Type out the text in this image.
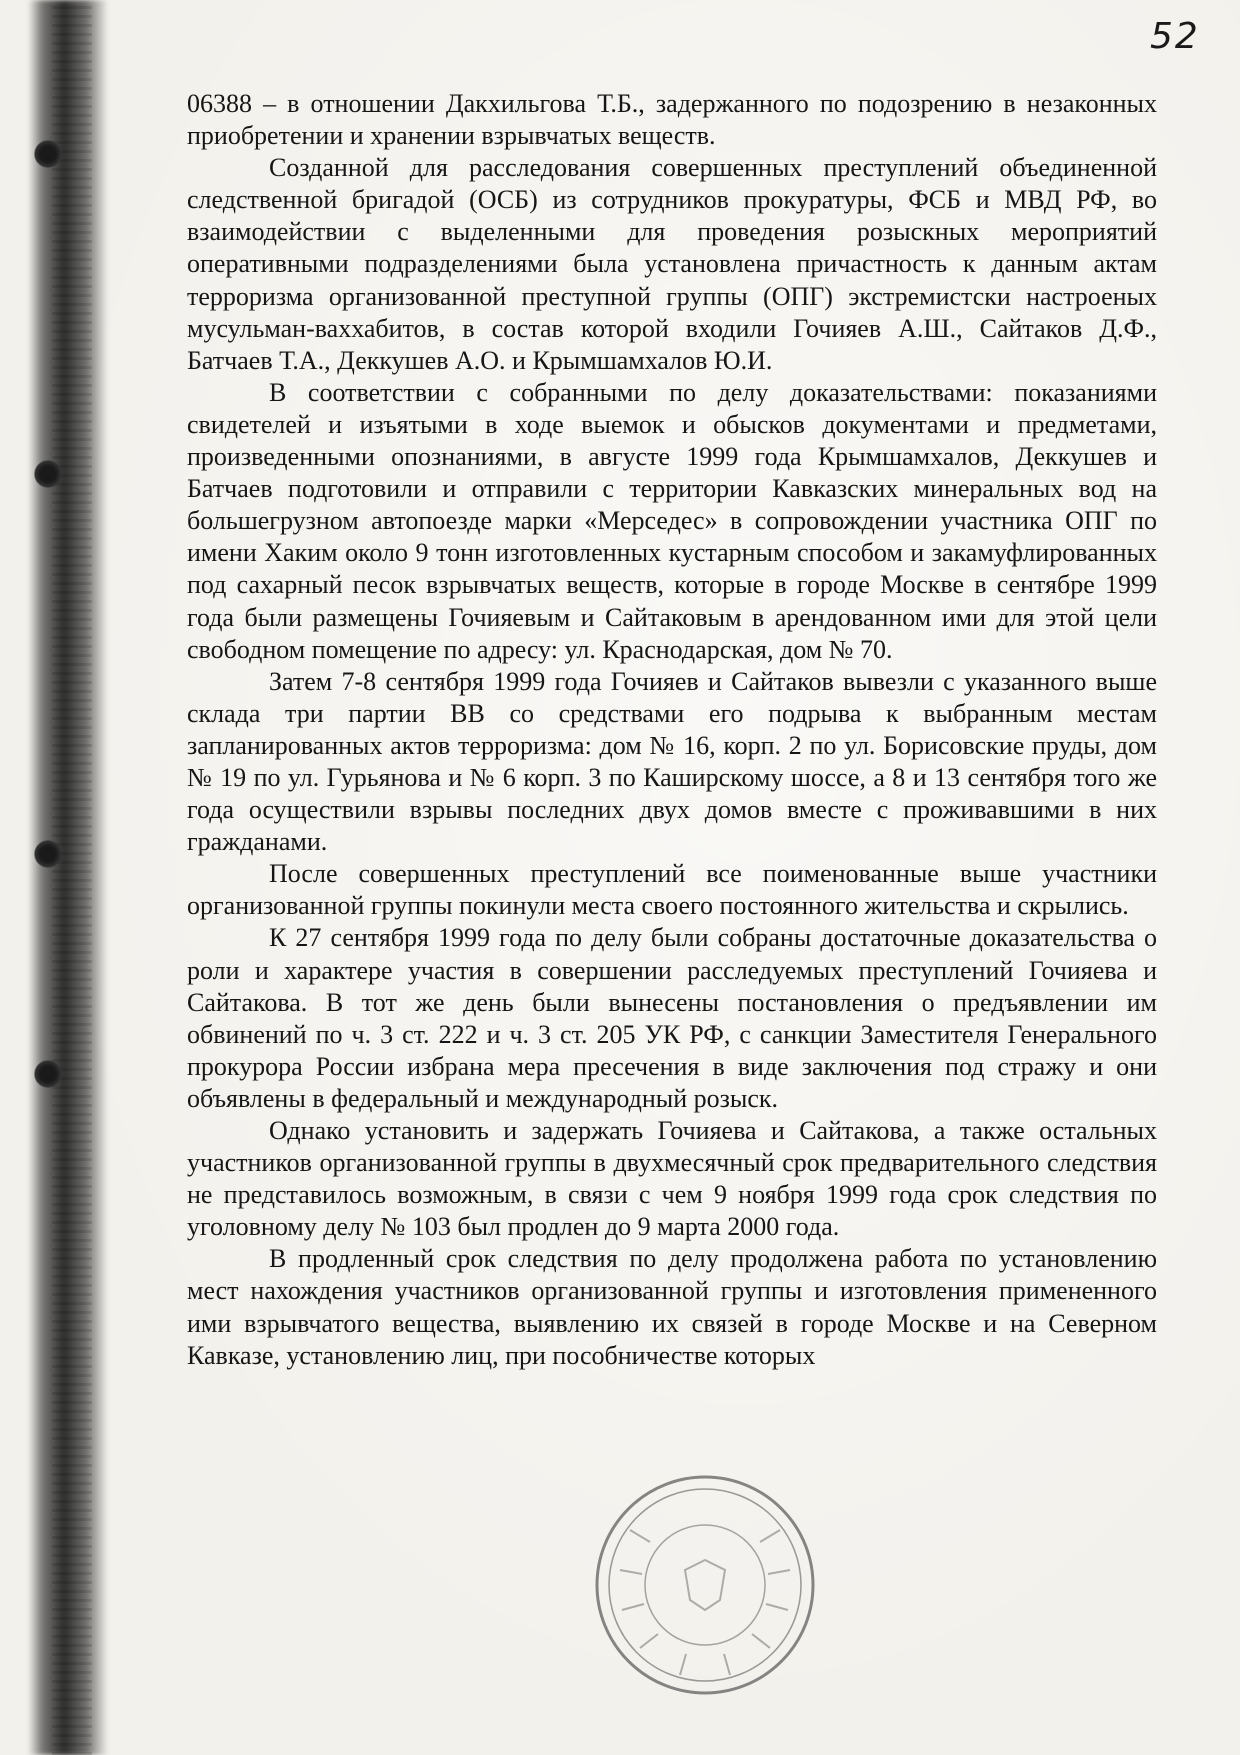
52

06388 – в отношении Дакхильгова Т.Б., задержанного по подозрению в незаконных приобретении и хранении взрывчатых веществ.

Созданной для расследования совершенных преступлений объединенной следственной бригадой (ОСБ) из сотрудников прокуратуры, ФСБ и МВД РФ, во взаимодействии с выделенными для проведения розыскных мероприятий оперативными подразделениями была установлена причастность к данным актам терроризма организованной преступной группы (ОПГ) экстремистски настроеных мусульман-ваххабитов, в состав которой входили Гочияев А.Ш., Сайтаков Д.Ф., Батчаев Т.А., Деккушев А.О. и Крымшамхалов Ю.И.

В соответствии с собранными по делу доказательствами: показаниями свидетелей и изъятыми в ходе выемок и обысков документами и предметами, произведенными опознаниями, в августе 1999 года Крымшамхалов, Деккушев и Батчаев подготовили и отправили с территории Кавказских минеральных вод на большегрузном автопоезде марки «Мерседес» в сопровождении участника ОПГ по имени Хаким около 9 тонн изготовленных кустарным способом и закамуфлированных под сахарный песок взрывчатых веществ, которые в городе Москве в сентябре 1999 года были размещены Гочияевым и Сайтаковым в арендованном ими для этой цели свободном помещение по адресу: ул. Краснодарская, дом № 70.

Затем 7-8 сентября 1999 года Гочияев и Сайтаков вывезли с указанного выше склада три партии ВВ со средствами его подрыва к выбранным местам запланированных актов терроризма: дом № 16, корп. 2 по ул. Борисовские пруды, дом № 19 по ул. Гурьянова и № 6 корп. 3 по Каширскому шоссе, а 8 и 13 сентября того же года осуществили взрывы последних двух домов вместе с проживавшими в них гражданами.

После совершенных преступлений все поименованные выше участники организованной группы покинули места своего постоянного жительства и скрылись.

К 27 сентября 1999 года по делу были собраны достаточные доказательства о роли и характере участия в совершении расследуемых преступлений Гочияева и Сайтакова. В тот же день были вынесены постановления о предъявлении им обвинений по ч. 3 ст. 222 и ч. 3 ст. 205 УК РФ, с санкции Заместителя Генерального прокурора России избрана мера пресечения в виде заключения под стражу и они объявлены в федеральный и международный розыск.

Однако установить и задержать Гочияева и Сайтакова, а также остальных участников организованной группы в двухмесячный срок предварительного следствия не представилось возможным, в связи с чем 9 ноября 1999 года срок следствия по уголовному делу № 103 был продлен до 9 марта 2000 года.

В продленный срок следствия по делу продолжена работа по установлению мест нахождения участников организованной группы и изготовления примененного ими взрывчатого вещества, выявлению их связей в городе Москве и на Северном Кавказе, установлению лиц, при пособничестве которых
